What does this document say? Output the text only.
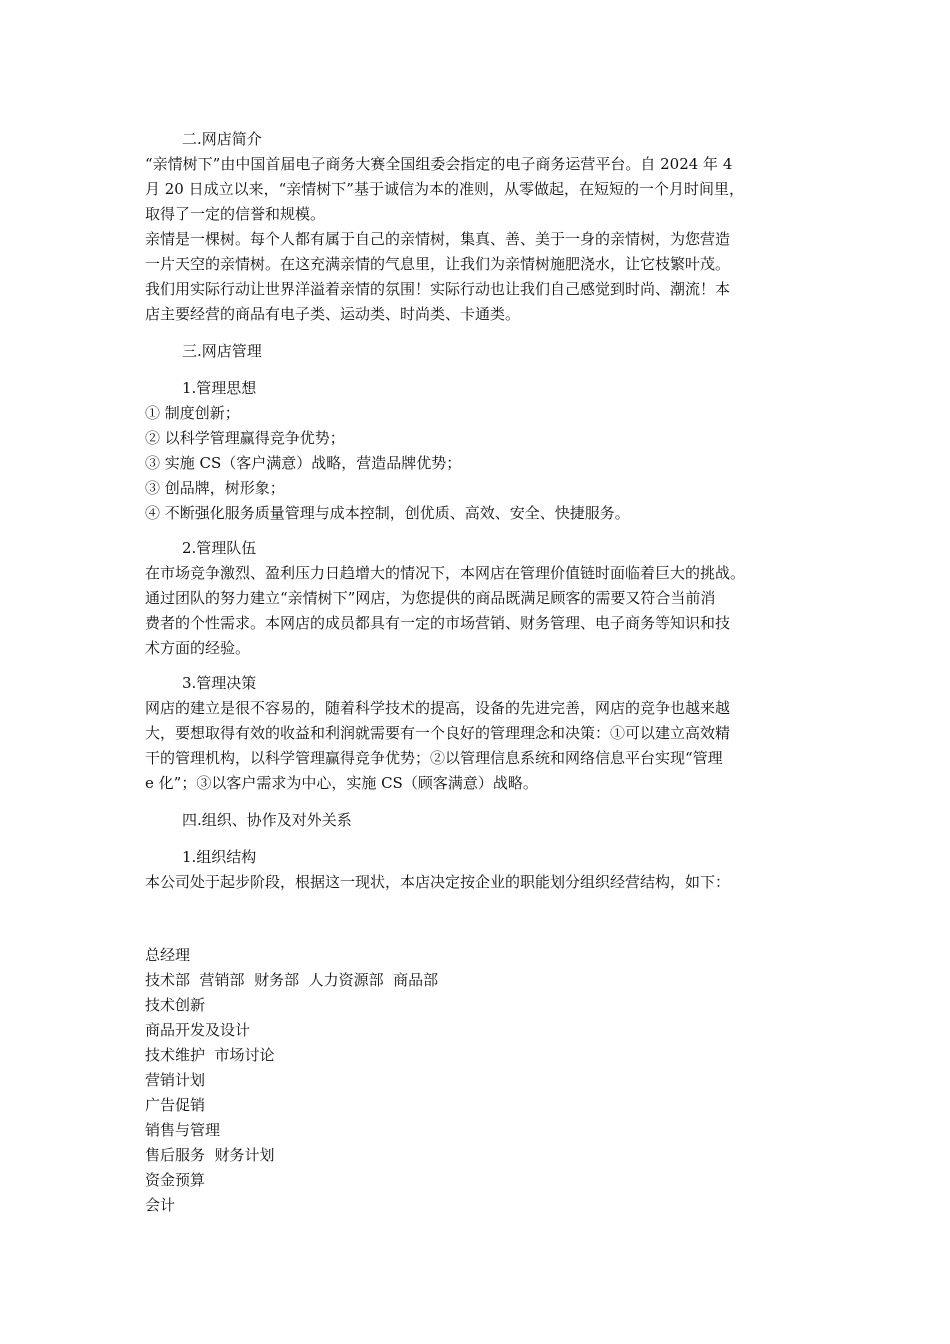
二.网店简介

“亲情树下”由中国首届电子商务大赛全国组委会指定的电子商务运营平台。自 2024 年 4

月 20 日成立以来，“亲情树下”基于诚信为本的准则，从零做起，在短短的一个月时间里，

取得了一定的信誉和规模。

亲情是一棵树。每个人都有属于自己的亲情树，集真、善、美于一身的亲情树，为您营造

一片天空的亲情树。在这充满亲情的气息里，让我们为亲情树施肥浇水，让它枝繁叶茂。

我们用实际行动让世界洋溢着亲情的氛围！实际行动也让我们自己感觉到时尚、潮流！本

店主要经营的商品有电子类、运动类、时尚类、卡通类。

三.网店管理

1.管理思想

① 制度创新；

② 以科学管理赢得竞争优势；

③ 实施 CS（客户满意）战略，营造品牌优势；

③ 创品牌，树形象；

④ 不断强化服务质量管理与成本控制，创优质、高效、安全、快捷服务。

2.管理队伍

在市场竞争激烈、盈利压力日趋增大的情况下，本网店在管理价值链时面临着巨大的挑战。

通过团队的努力建立“亲情树下”网店，为您提供的商品既满足顾客的需要又符合当前消

费者的个性需求。本网店的成员都具有一定的市场营销、财务管理、电子商务等知识和技

术方面的经验。

3.管理决策

网店的建立是很不容易的，随着科学技术的提高，设备的先进完善，网店的竞争也越来越

大，要想取得有效的收益和利润就需要有一个良好的管理理念和决策：①可以建立高效精

干的管理机构，以科学管理赢得竞争优势；②以管理信息系统和网络信息平台实现“管理

e 化”；③以客户需求为中心，实施 CS（顾客满意）战略。

四.组织、协作及对外关系

1.组织结构

本公司处于起步阶段，根据这一现状，本店决定按企业的职能划分组织经营结构，如下：

总经理

技术部  营销部  财务部  人力资源部  商品部

技术创新

商品开发及设计

技术维护  市场讨论

营销计划

广告促销

销售与管理

售后服务  财务计划

资金预算

会计
